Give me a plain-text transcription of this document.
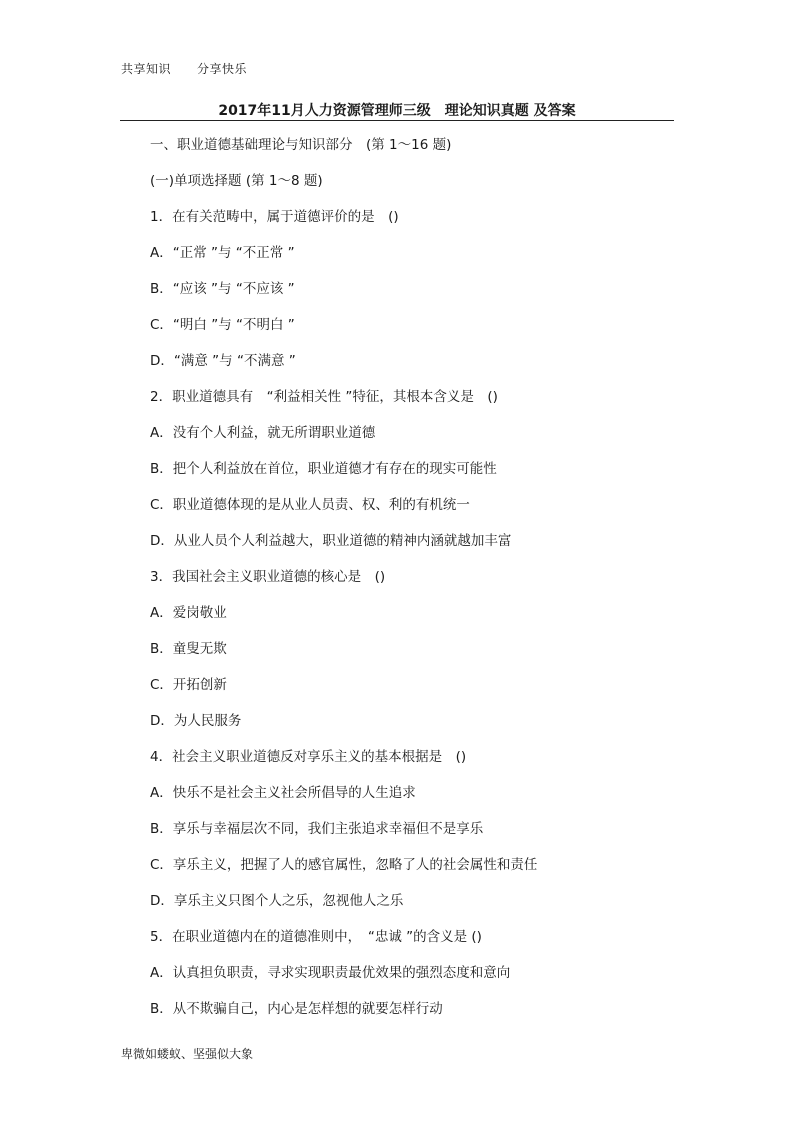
共享知识 分享快乐
2017年11月人力资源管理师三级　理论知识真题 及答案
一、职业道德基础理论与知识部分　(第 1～16 题)
(一)单项选择题 (第 1～8 题)
1．在有关范畴中，属于道德评价的是　()
A．“正常 ”与 “不正常 ”
B．“应该 ”与 “不应该 ”
C．“明白 ”与 “不明白 ”
D．“满意 ”与 “不满意 ”
2．职业道德具有　“利益相关性 ”特征，其根本含义是　()
A．没有个人利益，就无所谓职业道德
B．把个人利益放在首位，职业道德才有存在的现实可能性
C．职业道德体现的是从业人员责、权、利的有机统一
D．从业人员个人利益越大，职业道德的精神内涵就越加丰富
3．我国社会主义职业道德的核心是　()
A．爱岗敬业
B．童叟无欺
C．开拓创新
D．为人民服务
4．社会主义职业道德反对享乐主义的基本根据是　()
A．快乐不是社会主义社会所倡导的人生追求
B．享乐与幸福层次不同，我们主张追求幸福但不是享乐
C．享乐主义，把握了人的感官属性，忽略了人的社会属性和责任
D．享乐主义只图个人之乐，忽视他人之乐
5．在职业道德内在的道德准则中，　“忠诚 ”的含义是 ()
A．认真担负职责，寻求实现职责最优效果的强烈态度和意向
B．从不欺骗自己，内心是怎样想的就要怎样行动
卑微如蝼蚁、坚强似大象
